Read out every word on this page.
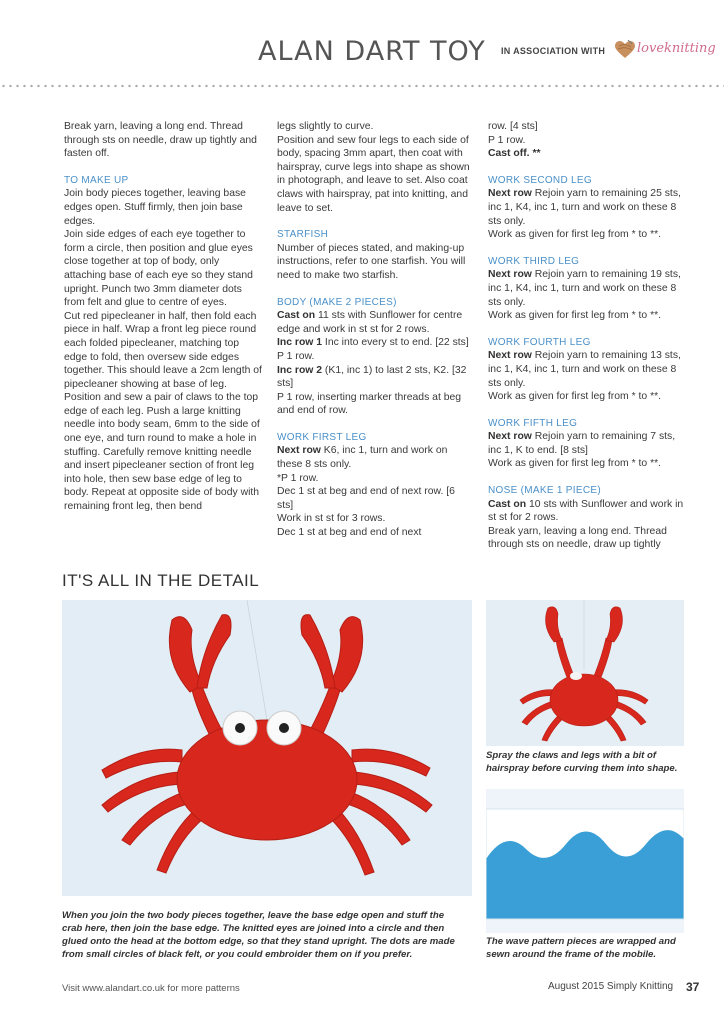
ALAN DART TOY IN ASSOCIATION WITH loveknitting

Break yarn, leaving a long end. Thread through sts on needle, draw up tightly and fasten off.

TO MAKE UP

Join body pieces together, leaving base edges open. Stuff firmly, then join base edges.

Join side edges of each eye together to form a circle, then position and glue eyes close together at top of body, only attaching base of each eye so they stand upright. Punch two 3mm diameter dots from felt and glue to centre of eyes.

Cut red pipecleaner in half, then fold each piece in half. Wrap a front leg piece round each folded pipecleaner, matching top edge to fold, then oversew side edges together. This should leave a 2cm length of pipecleaner showing at base of leg. Position and sew a pair of claws to the top edge of each leg. Push a large knitting needle into body seam, 6mm to the side of one eye, and turn round to make a hole in stuffing. Carefully remove knitting needle and insert pipecleaner section of front leg into hole, then sew base edge of leg to body. Repeat at opposite side of body with remaining front leg, then bend

legs slightly to curve.

Position and sew four legs to each side of body, spacing 3mm apart, then coat with hairspray, curve legs into shape as shown in photograph, and leave to set. Also coat claws with hairspray, pat into knitting, and leave to set.

STARFISH

Number of pieces stated, and making-up instructions, refer to one starfish. You will need to make two starfish.

BODY (MAKE 2 PIECES)

Cast on 11 sts with Sunflower for centre edge and work in st st for 2 rows.

Inc row 1 Inc into every st to end. [22 sts]

P 1 row.

Inc row 2 (K1, inc 1) to last 2 sts, K2. [32 sts]

P 1 row, inserting marker threads at beg and end of row.

WORK FIRST LEG

Next row K6, inc 1, turn and work on these 8 sts only.

*P 1 row.

Dec 1 st at beg and end of next row. [6 sts]

Work in st st for 3 rows.

Dec 1 st at beg and end of next

row. [4 sts]

P 1 row.

Cast off. **

WORK SECOND LEG

Next row Rejoin yarn to remaining 25 sts, inc 1, K4, inc 1, turn and work on these 8 sts only.

Work as given for first leg from * to **.

WORK THIRD LEG

Next row Rejoin yarn to remaining 19 sts, inc 1, K4, inc 1, turn and work on these 8 sts only.

Work as given for first leg from * to **.

WORK FOURTH LEG

Next row Rejoin yarn to remaining 13 sts, inc 1, K4, inc 1, turn and work on these 8 sts only.

Work as given for first leg from * to **.

WORK FIFTH LEG

Next row Rejoin yarn to remaining 7 sts, inc 1, K to end. [8 sts]

Work as given for first leg from * to **.

NOSE (MAKE 1 PIECE)

Cast on 10 sts with Sunflower and work in st st for 2 rows.

Break yarn, leaving a long end. Thread through sts on needle, draw up tightly

IT'S ALL IN THE DETAIL
When you join the two body pieces together, leave the base edge open and stuff the crab here, then join the base edge. The knitted eyes are joined into a circle and then glued onto the head at the bottom edge, so that they stand upright. The dots are made from small circles of black felt, or you could embroider them on if you prefer.
Spray the claws and legs with a bit of hairspray before curving them into shape.
The wave pattern pieces are wrapped and sewn around the frame of the mobile.
Visit www.alandart.co.uk for more patterns	August 2015 Simply Knitting 37
